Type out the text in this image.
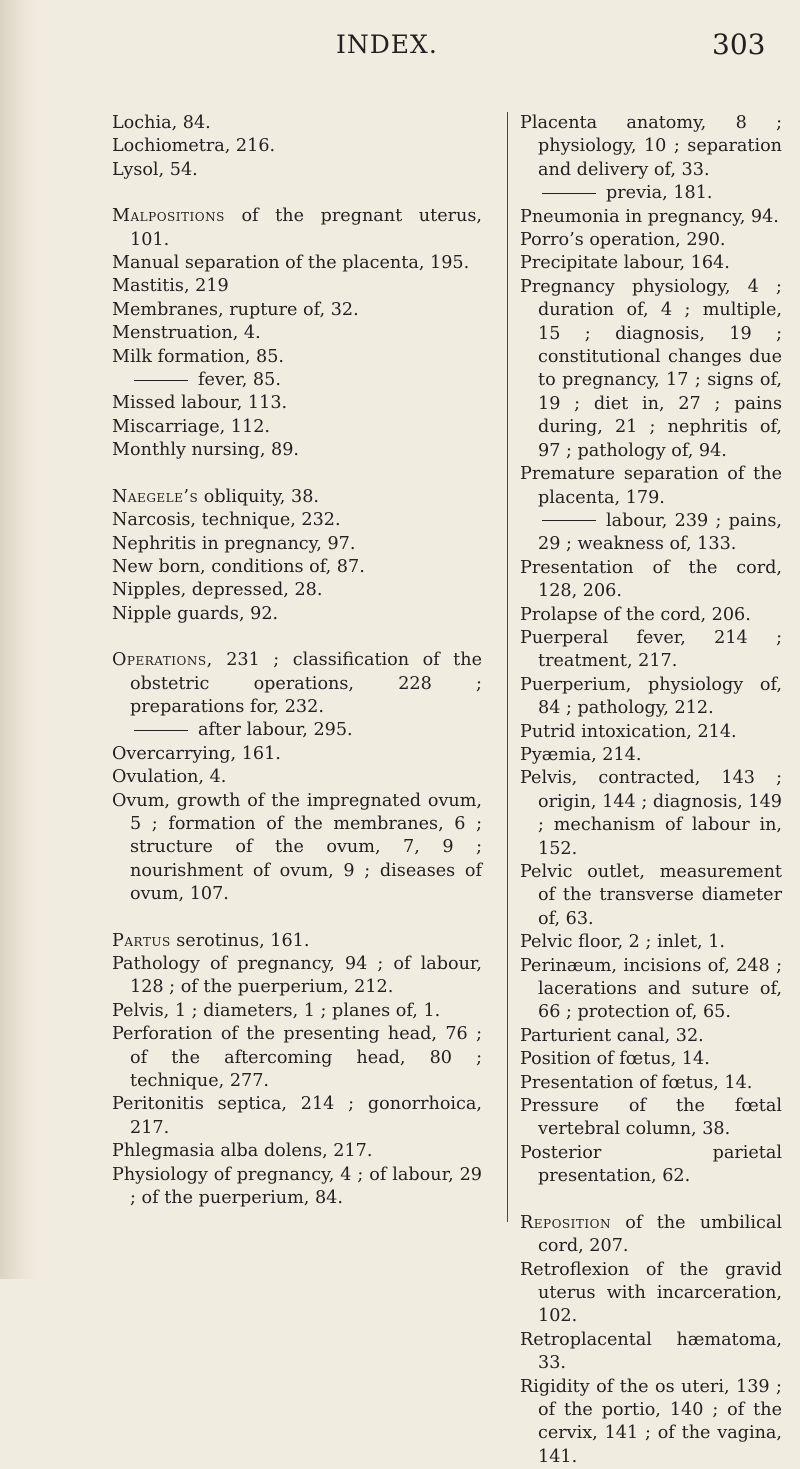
INDEX.	303
Lochia, 84.
Lochiometra, 216.
Lysol, 54.
Malpositions of the pregnant uterus, 101.
Manual separation of the placenta, 195.
Mastitis, 219
Membranes, rupture of, 32.
Menstruation, 4.
Milk formation, 85.
fever, 85.
Missed labour, 113.
Miscarriage, 112.
Monthly nursing, 89.
Naegele’s obliquity, 38.
Narcosis, technique, 232.
Nephritis in pregnancy, 97.
New born, conditions of, 87.
Nipples, depressed, 28.
Nipple guards, 92.
Operations, 231 ; classification of the obstetric operations, 228 ; preparations for, 232.
after labour, 295.
Overcarrying, 161.
Ovulation, 4.
Ovum, growth of the impregnated ovum, 5 ; formation of the membranes, 6 ; structure of the ovum, 7, 9 ; nourishment of ovum, 9 ; diseases of ovum, 107.
Partus serotinus, 161.
Pathology of pregnancy, 94 ; of labour, 128 ; of the puerperium, 212.
Pelvis, 1 ; diameters, 1 ; planes of, 1.
Perforation of the presenting head, 76 ; of the aftercoming head, 80 ; technique, 277.
Peritonitis septica, 214 ; gonorrhoica, 217.
Phlegmasia alba dolens, 217.
Physiology of pregnancy, 4 ; of labour, 29 ; of the puerperium, 84.
Placenta anatomy, 8 ; physiology, 10 ; separation and delivery of, 33.
previa, 181.
Pneumonia in pregnancy, 94.
Porro’s operation, 290.
Precipitate labour, 164.
Pregnancy physiology, 4 ; duration of, 4 ; multiple, 15 ; diagnosis, 19 ; constitutional changes due to pregnancy, 17 ; signs of, 19 ; diet in, 27 ; pains during, 21 ; nephritis of, 97 ; pathology of, 94.
Premature separation of the placenta, 179.
labour, 239 ; pains, 29 ; weakness of, 133.
Presentation of the cord, 128, 206.
Prolapse of the cord, 206.
Puerperal fever, 214 ; treatment, 217.
Puerperium, physiology of, 84 ; pathology, 212.
Putrid intoxication, 214.
Pyæmia, 214.
Pelvis, contracted, 143 ; origin, 144 ; diagnosis, 149 ; mechanism of labour in, 152.
Pelvic outlet, measurement of the transverse diameter of, 63.
Pelvic floor, 2 ; inlet, 1.
Perinæum, incisions of, 248 ; lacerations and suture of, 66 ; protection of, 65.
Parturient canal, 32.
Position of fœtus, 14.
Presentation of fœtus, 14.
Pressure of the fœtal vertebral column, 38.
Posterior parietal presentation, 62.
Reposition of the umbilical cord, 207.
Retroflexion of the gravid uterus with incarceration, 102.
Retroplacental hæmatoma, 33.
Rigidity of the os uteri, 139 ; of the portio, 140 ; of the cervix, 141 ; of the vagina, 141.
